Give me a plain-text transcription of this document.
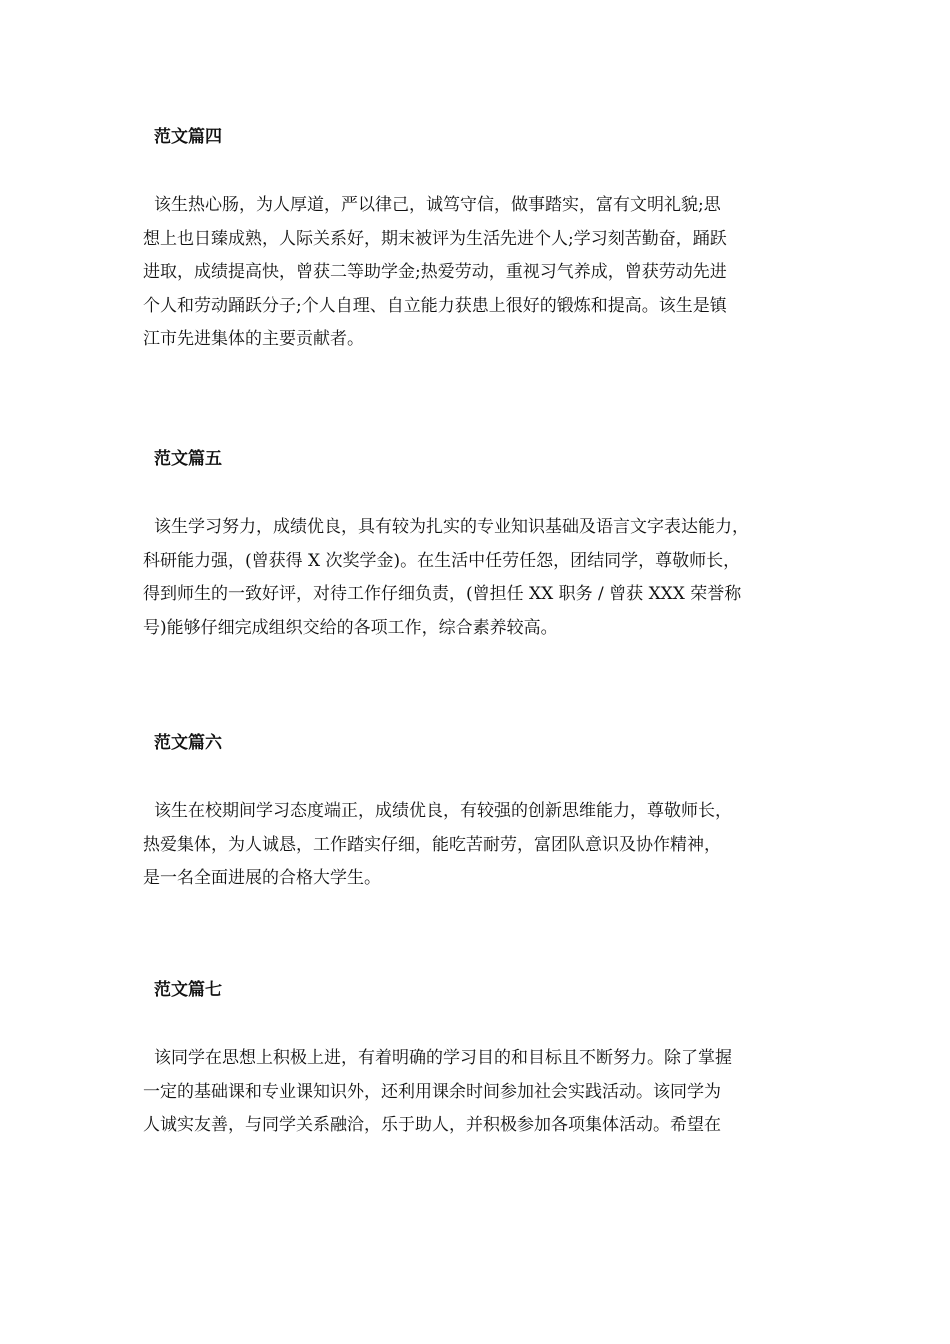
范文篇四
该生热心肠，为人厚道，严以律己，诚笃守信，做事踏实，富有文明礼貌;思
想上也日臻成熟，人际关系好，期末被评为生活先进个人;学习刻苦勤奋，踊跃
进取，成绩提高快，曾获二等助学金;热爱劳动，重视习气养成，曾获劳动先进
个人和劳动踊跃分子;个人自理、自立能力获患上很好的锻炼和提高。该生是镇
江市先进集体的主要贡献者。
范文篇五
该生学习努力，成绩优良，具有较为扎实的专业知识基础及语言文字表达能力，
科研能力强，(曾获得 X 次奖学金)。在生活中任劳任怨，团结同学，尊敬师长，
得到师生的一致好评，对待工作仔细负责，(曾担任 XX 职务 / 曾获 XXX 荣誉称
号)能够仔细完成组织交给的各项工作，综合素养较高。
范文篇六
该生在校期间学习态度端正，成绩优良，有较强的创新思维能力，尊敬师长，
热爱集体，为人诚恳，工作踏实仔细，能吃苦耐劳，富团队意识及协作精神，
是一名全面进展的合格大学生。
范文篇七
该同学在思想上积极上进，有着明确的学习目的和目标且不断努力。除了掌握
一定的基础课和专业课知识外，还利用课余时间参加社会实践活动。该同学为
人诚实友善，与同学关系融洽，乐于助人，并积极参加各项集体活动。希望在
